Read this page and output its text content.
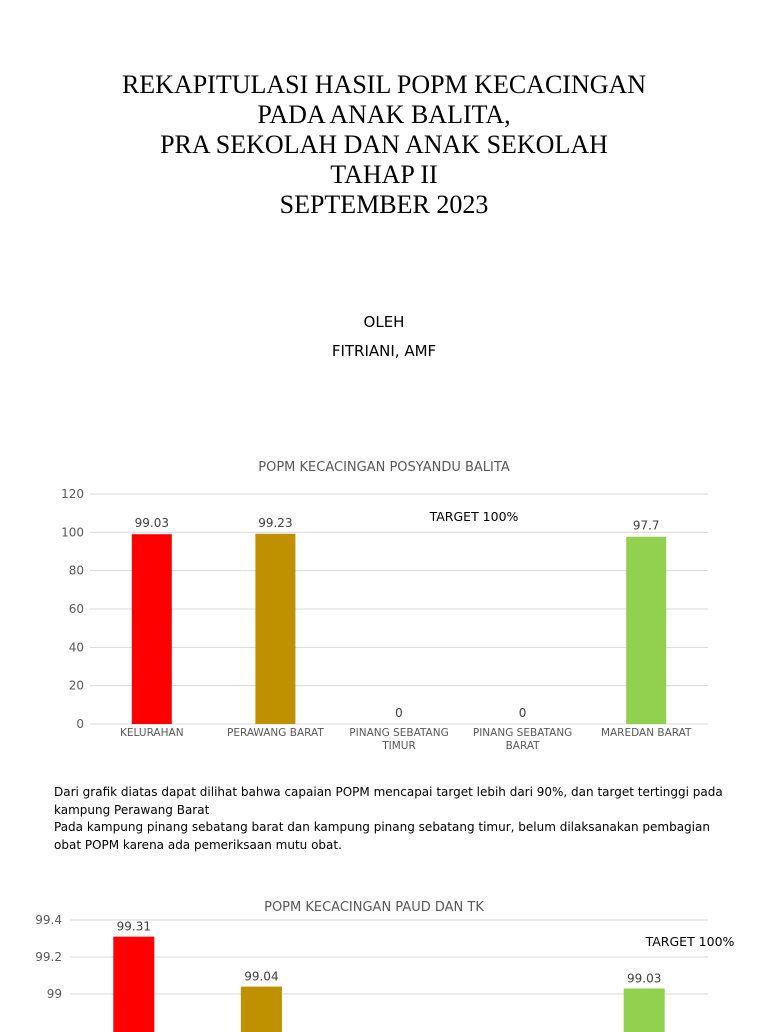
REKAPITULASI HASIL POPM KECACINGAN
PADA ANAK BALITA,
PRA SEKOLAH DAN ANAK SEKOLAH
TAHAP II
SEPTEMBER 2023
OLEH
FITRIANI, AMF
POPM KECACINGAN POSYANDU BALITA
0
20
40
60
80
100
120
99.03
KELURAHAN
99.23
PERAWANG BARAT
0
PINANG SEBATANG
TIMUR
0
PINANG SEBATANG
BARAT
97.7
MAREDAN BARAT
TARGET 100%

Dari grafik diatas dapat dilihat bahwa capaian POPM mencapai target lebih dari 90%, dan target tertinggi pada kampung Perawang Barat

Pada kampung pinang sebatang barat dan kampung pinang sebatang timur, belum dilaksanakan pembagian obat POPM karena ada pemeriksaan mutu obat.

POPM KECACINGAN PAUD DAN TK
99
99.2
99.4	99.31
99.04	99.03
TARGET 100%
